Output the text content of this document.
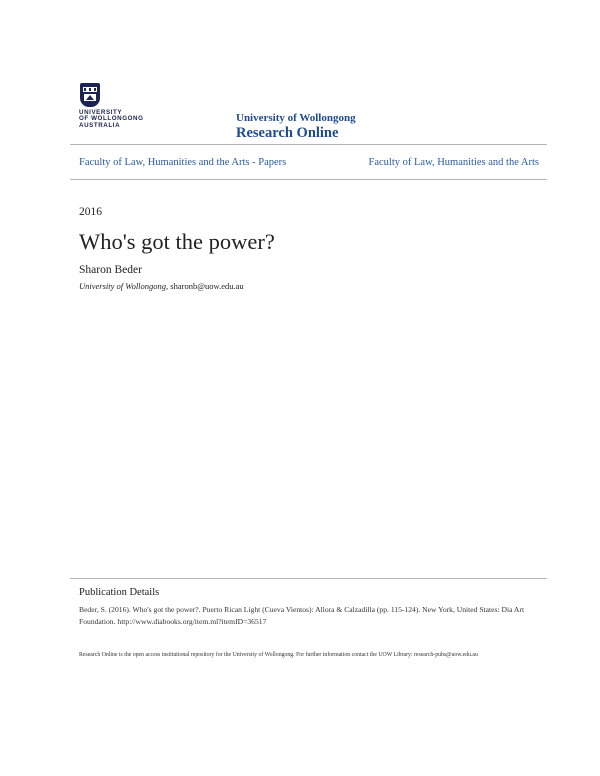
UNIVERSITY
OF WOLLONGONG
AUSTRALIA
University of Wollongong
Research Online
Faculty of Law, Humanities and the Arts - Papers	Faculty of Law, Humanities and the Arts
2016
Who's got the power?
Sharon Beder
University of Wollongong, sharonb@uow.edu.au
Publication Details
Beder, S. (2016). Who's got the power?. Puerto Rican Light (Cueva Vientos): Allora & Calzadilla (pp. 115-124). New York, United States: Dia Art Foundation. http://www.diabooks.org/item.ml?itemID=36517
Research Online is the open access institutional repository for the University of Wollongong. For further information contact the UOW Library: research-pubs@uow.edu.au
